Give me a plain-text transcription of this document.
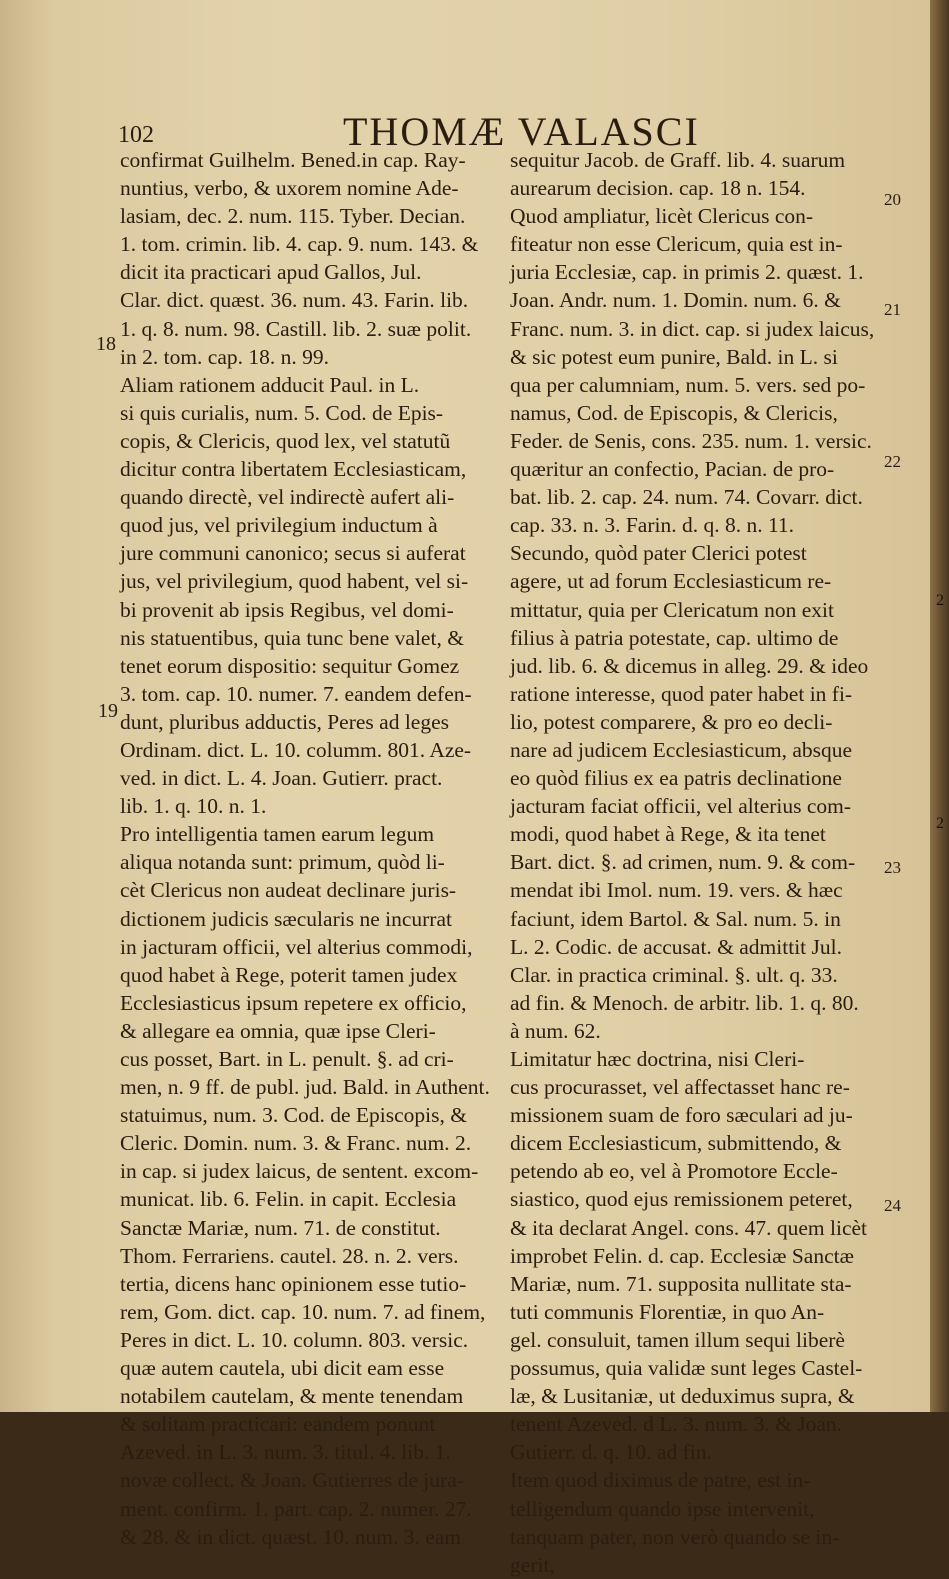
102	THOMÆ VALASCI
confirmat Guilhelm. Bened.in cap. Ray-
nuntius, verbo, & uxorem nomine Ade-
lasiam, dec. 2. num. 115. Tyber. Decian.
1. tom. crimin. lib. 4. cap. 9. num. 143. &
dicit ita practicari apud Gallos, Jul.
Clar. dict. quæst. 36. num. 43. Farin. lib.
1. q. 8. num. 98. Castill. lib. 2. suæ polit.
in 2. tom. cap. 18. n. 99.
Aliam rationem adducit Paul. in L.
si quis curialis, num. 5. Cod. de Epis-
copis, & Clericis, quod lex, vel statutũ
dicitur contra libertatem Ecclesiasticam,
quando directè, vel indirectè aufert ali-
quod jus, vel privilegium inductum à
jure communi canonico; secus si auferat
jus, vel privilegium, quod habent, vel si-
bi provenit ab ipsis Regibus, vel domi-
nis statuentibus, quia tunc bene valet, &
tenet eorum dispositio: sequitur Gomez
3. tom. cap. 10. numer. 7. eandem defen-
dunt, pluribus adductis, Peres ad leges
Ordinam. dict. L. 10. columm. 801. Aze-
ved. in dict. L. 4. Joan. Gutierr. pract.
lib. 1. q. 10. n. 1.
Pro intelligentia tamen earum legum
aliqua notanda sunt: primum, quòd li-
cèt Clericus non audeat declinare juris-
dictionem judicis sæcularis ne incurrat
in jacturam officii, vel alterius commodi,
quod habet à Rege, poterit tamen judex
Ecclesiasticus ipsum repetere ex officio,
& allegare ea omnia, quæ ipse Cleri-
cus posset, Bart. in L. penult. §. ad cri-
men, n. 9 ff. de publ. jud. Bald. in Authent.
statuimus, num. 3. Cod. de Episcopis, &
Cleric. Domin. num. 3. & Franc. num. 2.
in cap. si judex laicus, de sentent. excom-
municat. lib. 6. Felin. in capit. Ecclesia
Sanctæ Mariæ, num. 71. de constitut.
Thom. Ferrariens. cautel. 28. n. 2. vers.
tertia, dicens hanc opinionem esse tutio-
rem, Gom. dict. cap. 10. num. 7. ad finem,
Peres in dict. L. 10. column. 803. versic.
quæ autem cautela, ubi dicit eam esse
notabilem cautelam, & mente tenendam
& solitam practicari: eandem ponunt
Azeved. in L. 3. num. 3. titul. 4. lib. 1.
novæ collect. & Joan. Gutierres de jura-
ment. confirm. 1. part. cap. 2. numer. 27.
& 28. & in dict. quæst. 10. num. 3. eam
sequitur Jacob. de Graff. lib. 4. suarum
aurearum decision. cap. 18 n. 154.
Quod ampliatur, licèt Clericus con-
fiteatur non esse Clericum, quia est in-
juria Ecclesiæ, cap. in primis 2. quæst. 1.
Joan. Andr. num. 1. Domin. num. 6. &
Franc. num. 3. in dict. cap. si judex laicus,
& sic potest eum punire, Bald. in L. si
qua per calumniam, num. 5. vers. sed po-
namus, Cod. de Episcopis, & Clericis,
Feder. de Senis, cons. 235. num. 1. versic.
quæritur an confectio, Pacian. de pro-
bat. lib. 2. cap. 24. num. 74. Covarr. dict.
cap. 33. n. 3. Farin. d. q. 8. n. 11.
Secundo, quòd pater Clerici potest
agere, ut ad forum Ecclesiasticum re-
mittatur, quia per Clericatum non exit
filius à patria potestate, cap. ultimo de
jud. lib. 6. & dicemus in alleg. 29. & ideo
ratione interesse, quod pater habet in fi-
lio, potest comparere, & pro eo decli-
nare ad judicem Ecclesiasticum, absque
eo quòd filius ex ea patris declinatione
jacturam faciat officii, vel alterius com-
modi, quod habet à Rege, & ita tenet
Bart. dict. §. ad crimen, num. 9. & com-
mendat ibi Imol. num. 19. vers. & hæc
faciunt, idem Bartol. & Sal. num. 5. in
L. 2. Codic. de accusat. & admittit Jul.
Clar. in practica criminal. §. ult. q. 33.
ad fin. & Menoch. de arbitr. lib. 1. q. 80.
à num. 62.
Limitatur hæc doctrina, nisi Cleri-
cus procurasset, vel affectasset hanc re-
missionem suam de foro sæculari ad ju-
dicem Ecclesiasticum, submittendo, &
petendo ab eo, vel à Promotore Eccle-
siastico, quod ejus remissionem peteret,
& ita declarat Angel. cons. 47. quem licèt
improbet Felin. d. cap. Ecclesiæ Sanctæ
Mariæ, num. 71. supposita nullitate sta-
tuti communis Florentiæ, in quo An-
gel. consuluit, tamen illum sequi liberè
possumus, quia validæ sunt leges Castel-
læ, & Lusitaniæ, ut deduximus supra, &
tenent Azeved. d L. 3. num. 3. & Joan.
Gutierr. d. q. 10. ad fin.
Item quod diximus de patre, est in-
telligendum quando ipse intervenit,
tanquam pater, non verò quando se in-
gerit,
18
19
20
21
22
23
24
2
2
